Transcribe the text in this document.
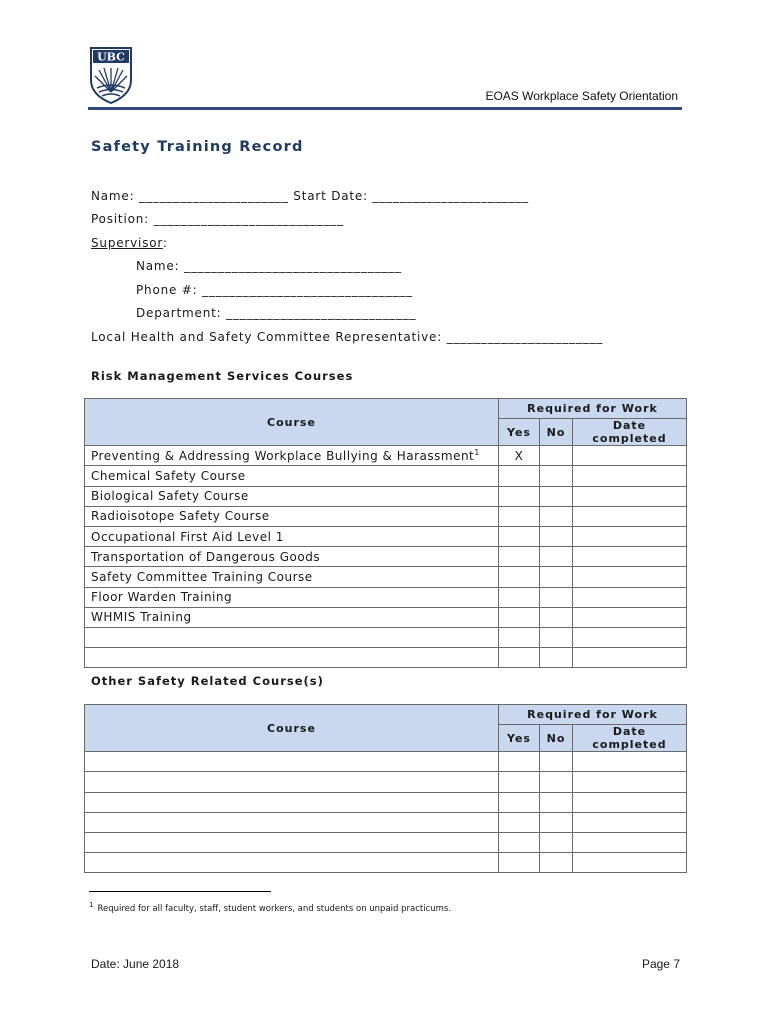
UBC
EOAS Workplace Safety Orientation
Safety Training Record
Name: ______________________ Start Date: _______________________
Position: ____________________________
Supervisor:
Name: ________________________________
Phone #: _______________________________
Department: ____________________________
Local Health and Safety Committee Representative: _______________________
Risk Management Services Courses
Course	Required for Work		
	Yes	No	Date completed
Preventing & Addressing Workplace Bullying & Harassment$^1$	X		
Chemical Safety Course			
Biological Safety Course			
Radioisotope Safety Course			
Occupational First Aid Level 1			
Transportation of Dangerous Goods			
Safety Committee Training Course			
Floor Warden Training			
WHMIS Training			

Other Safety Related Course(s)
Course	Required for Work		
	Yes	No	Date completed

$^1$ Required for all faculty, staff, student workers, and students on unpaid practicums.
Date: June 2018	Page 7
